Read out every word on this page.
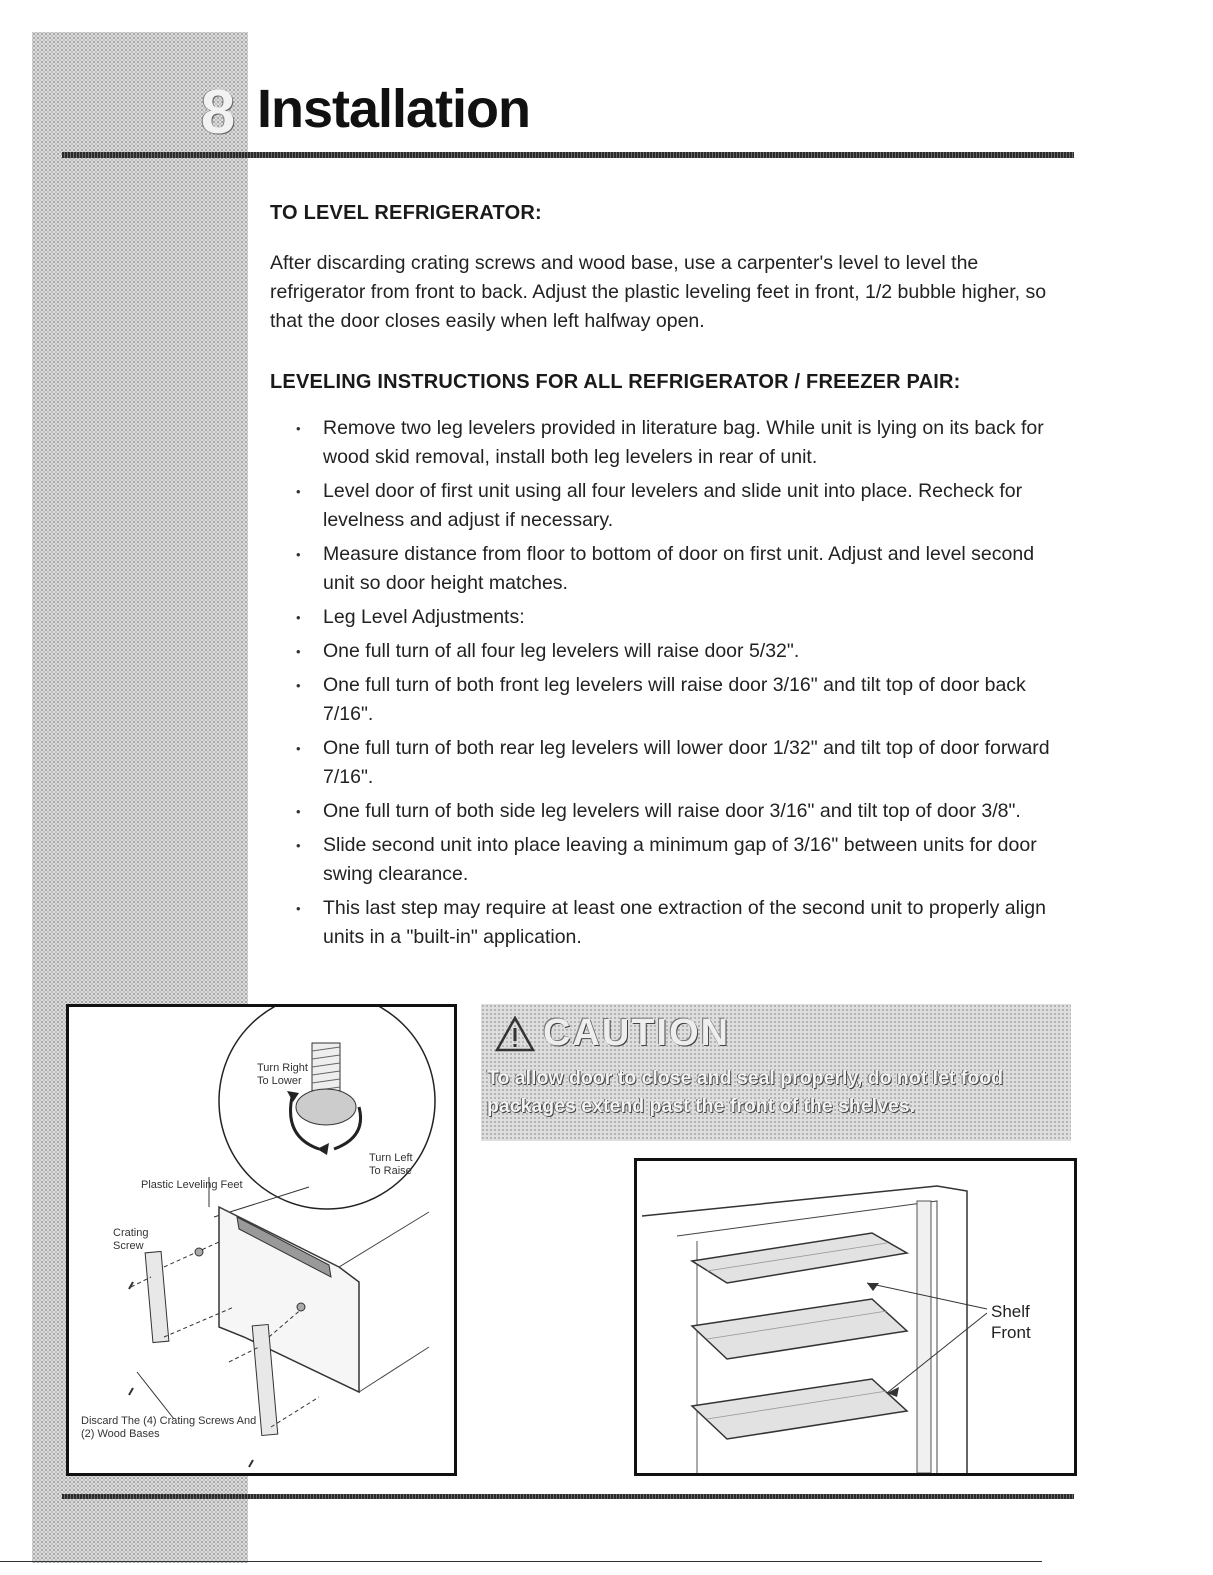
8 Installation
TO LEVEL REFRIGERATOR:

After discarding crating screws and wood base, use a carpenter's level to level the refrigerator from front to back. Adjust the plastic leveling feet in front, 1/2 bubble higher, so that the door closes easily when left halfway open.

LEVELING INSTRUCTIONS FOR ALL REFRIGERATOR / FREEZER PAIR:
• Remove two leg levelers provided in literature bag. While unit is lying on its back for wood skid removal, install both leg levelers in rear of unit.
• Level door of first unit using all four levelers and slide unit into place. Recheck for levelness and adjust if necessary.
• Measure distance from floor to bottom of door on first unit. Adjust and level second unit so door height matches.
• Leg Level Adjustments:
• One full turn of all four leg levelers will raise door 5/32".
• One full turn of both front leg levelers will raise door 3/16" and tilt top of door back 7/16".
• One full turn of both rear leg levelers will lower door 1/32" and tilt top of door forward 7/16".
• One full turn of both side leg levelers will raise door 3/16" and tilt top of door 3/8".
• Slide second unit into place leaving a minimum gap of 3/16" between units for door swing clearance.
• This last step may require at least one extraction of the second unit to properly align units in a "built-in" application.
Turn Right To Lower
Turn Left To Raise
Plastic Leveling Feet
Crating Screw
Discard The (4) Crating Screws And (2) Wood Bases
CAUTION

To allow door to close and seal properly, do not let food packages extend past the front of the shelves.

Shelf Front
